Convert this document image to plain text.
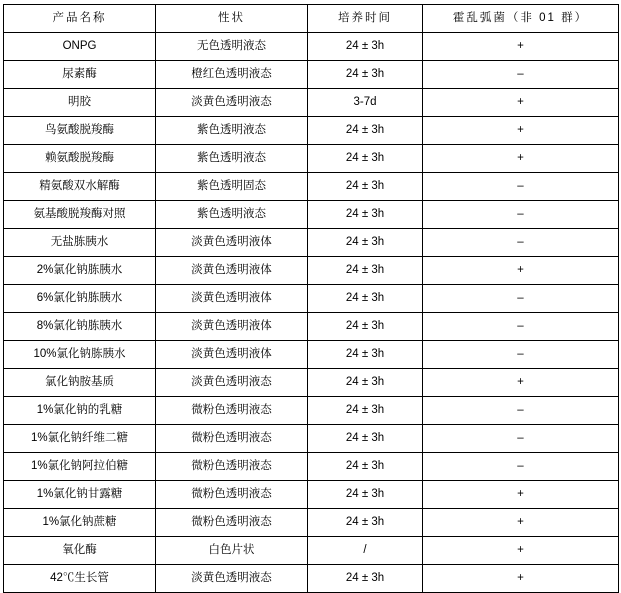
产品名称	性状	培养时间	霍乱弧菌（非 01 群）
ONPG	无色透明液态	24 ± 3h	+
尿素酶	橙红色透明液态	24 ± 3h	–
明胶	淡黄色透明液态	3-7d	+
鸟氨酸脱羧酶	紫色透明液态	24 ± 3h	+
赖氨酸脱羧酶	紫色透明液态	24 ± 3h	+
精氨酸双水解酶	紫色透明固态	24 ± 3h	–
氨基酸脱羧酶对照	紫色透明液态	24 ± 3h	–
无盐胨胰水	淡黄色透明液体	24 ± 3h	–
2%氯化钠胨胰水	淡黄色透明液体	24 ± 3h	+
6%氯化钠胨胰水	淡黄色透明液体	24 ± 3h	–
8%氯化钠胨胰水	淡黄色透明液体	24 ± 3h	–
10%氯化钠胨胰水	淡黄色透明液体	24 ± 3h	–
氯化钠胺基质	淡黄色透明液态	24 ± 3h	+
1%氯化钠的乳糖	微粉色透明液态	24 ± 3h	–
1%氯化钠纤维二糖	微粉色透明液态	24 ± 3h	–
1%氯化钠阿拉伯糖	微粉色透明液态	24 ± 3h	–
1%氯化钠甘露糖	微粉色透明液态	24 ± 3h	+
1%氯化钠蔗糖	微粉色透明液态	24 ± 3h	+
氧化酶	白色片状	/	+
42℃生长管	淡黄色透明液态	24 ± 3h	+
